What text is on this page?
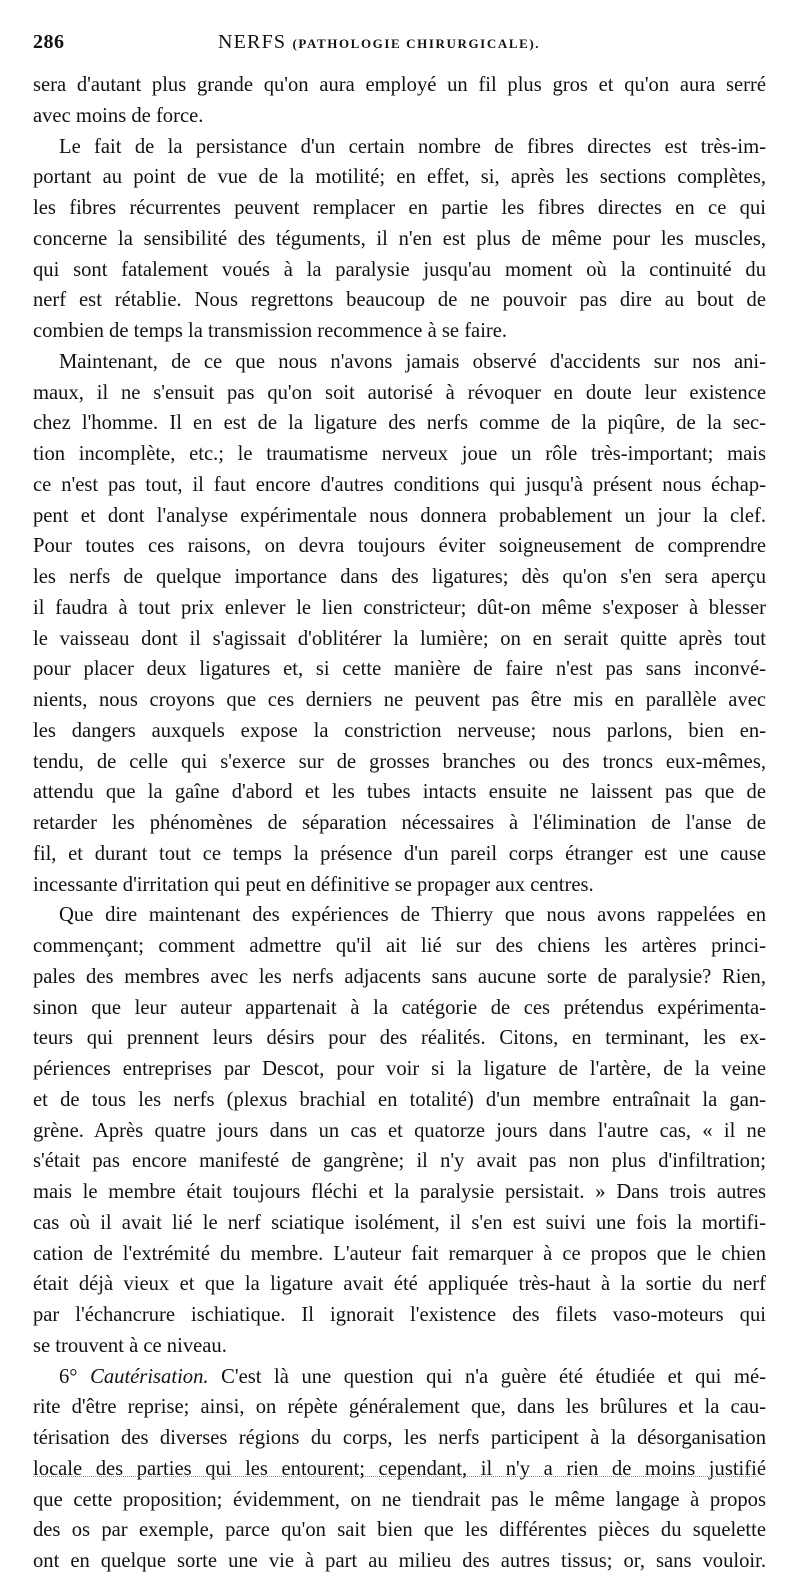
286	NERFS (PATHOLOGIE CHIRURGICALE).
sera d'autant plus grande qu'on aura employé un fil plus gros et qu'on aura serré
avec moins de force.
Le fait de la persistance d'un certain nombre de fibres directes est très-im-
portant au point de vue de la motilité; en effet, si, après les sections complètes,
les fibres récurrentes peuvent remplacer en partie les fibres directes en ce qui
concerne la sensibilité des téguments, il n'en est plus de même pour les muscles,
qui sont fatalement voués à la paralysie jusqu'au moment où la continuité du
nerf est rétablie. Nous regrettons beaucoup de ne pouvoir pas dire au bout de
combien de temps la transmission recommence à se faire.
Maintenant, de ce que nous n'avons jamais observé d'accidents sur nos ani-
maux, il ne s'ensuit pas qu'on soit autorisé à révoquer en doute leur existence
chez l'homme. Il en est de la ligature des nerfs comme de la piqûre, de la sec-
tion incomplète, etc.; le traumatisme nerveux joue un rôle très-important; mais
ce n'est pas tout, il faut encore d'autres conditions qui jusqu'à présent nous échap-
pent et dont l'analyse expérimentale nous donnera probablement un jour la clef.
Pour toutes ces raisons, on devra toujours éviter soigneusement de comprendre
les nerfs de quelque importance dans des ligatures; dès qu'on s'en sera aperçu
il faudra à tout prix enlever le lien constricteur; dût-on même s'exposer à blesser
le vaisseau dont il s'agissait d'oblitérer la lumière; on en serait quitte après tout
pour placer deux ligatures et, si cette manière de faire n'est pas sans inconvé-
nients, nous croyons que ces derniers ne peuvent pas être mis en parallèle avec
les dangers auxquels expose la constriction nerveuse; nous parlons, bien en-
tendu, de celle qui s'exerce sur de grosses branches ou des troncs eux-mêmes,
attendu que la gaîne d'abord et les tubes intacts ensuite ne laissent pas que de
retarder les phénomènes de séparation nécessaires à l'élimination de l'anse de
fil, et durant tout ce temps la présence d'un pareil corps étranger est une cause
incessante d'irritation qui peut en définitive se propager aux centres.
Que dire maintenant des expériences de Thierry que nous avons rappelées en
commençant; comment admettre qu'il ait lié sur des chiens les artères princi-
pales des membres avec les nerfs adjacents sans aucune sorte de paralysie? Rien,
sinon que leur auteur appartenait à la catégorie de ces prétendus expérimenta-
teurs qui prennent leurs désirs pour des réalités. Citons, en terminant, les ex-
périences entreprises par Descot, pour voir si la ligature de l'artère, de la veine
et de tous les nerfs (plexus brachial en totalité) d'un membre entraînait la gan-
grène. Après quatre jours dans un cas et quatorze jours dans l'autre cas, « il ne
s'était pas encore manifesté de gangrène; il n'y avait pas non plus d'infiltration;
mais le membre était toujours fléchi et la paralysie persistait. » Dans trois autres
cas où il avait lié le nerf sciatique isolément, il s'en est suivi une fois la mortifi-
cation de l'extrémité du membre. L'auteur fait remarquer à ce propos que le chien
était déjà vieux et que la ligature avait été appliquée très-haut à la sortie du nerf
par l'échancrure ischiatique. Il ignorait l'existence des filets vaso-moteurs qui
se trouvent à ce niveau.
6° Cautérisation. C'est là une question qui n'a guère été étudiée et qui mé-
rite d'être reprise; ainsi, on répète généralement que, dans les brûlures et la cau-
térisation des diverses régions du corps, les nerfs participent à la désorganisation
locale des parties qui les entourent; cependant, il n'y a rien de moins justifié
que cette proposition; évidemment, on ne tiendrait pas le même langage à propos
des os par exemple, parce qu'on sait bien que les différentes pièces du squelette
ont en quelque sorte une vie à part au milieu des autres tissus; or, sans vouloir.
